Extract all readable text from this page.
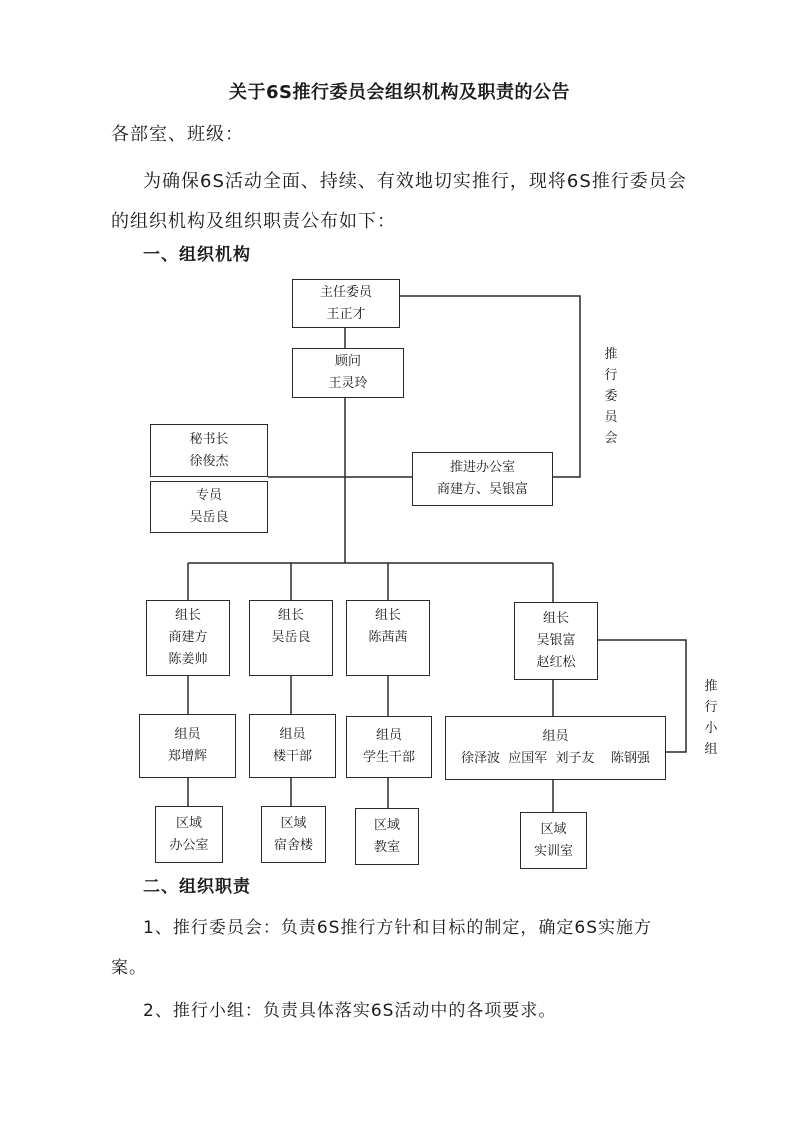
关于6S推行委员会组织机构及职责的公告
各部室、班级：
为确保6S活动全面、持续、有效地切实推行，现将6S推行委员会
的组织机构及组织职责公布如下：
一、组织机构
主任委员
王正才
顾问
王灵玲
秘书长
徐俊杰
专员
吴岳良
推进办公室
商建方、吴银富
推行委员会
推行小组
组长
商建方
陈姜帅
组长
吴岳良
组长
陈茜茜
组长
吴银富
赵红松
组员
郑增辉
组员
楼干部
组员
学生干部
组员
徐泽波  应国军  刘子友    陈钢强
区域
办公室
区域
宿舍楼
区域
教室
区域
实训室
二、组织职责
1、推行委员会：负责6S推行方针和目标的制定，确定6S实施方
案。
2、推行小组：负责具体落实6S活动中的各项要求。
